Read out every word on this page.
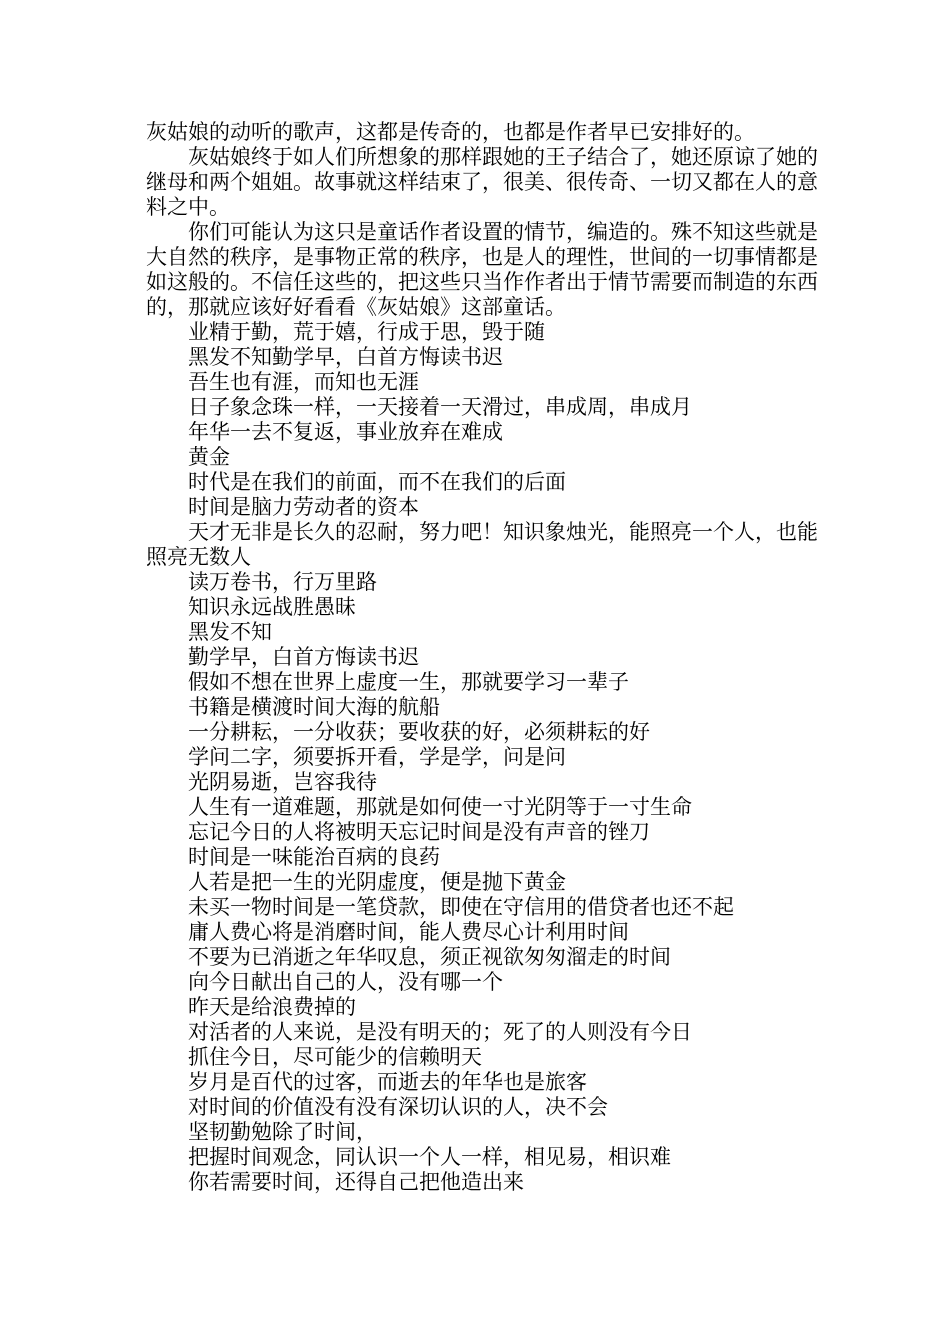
灰姑娘的动听的歌声，这都是传奇的，也都是作者早已安排好的。

灰姑娘终于如人们所想象的那样跟她的王子结合了，她还原谅了她的继母和两个姐姐。故事就这样结束了，很美、很传奇、一切又都在人的意料之中。

你们可能认为这只是童话作者设置的情节，编造的。殊不知这些就是大自然的秩序，是事物正常的秩序，也是人的理性，世间的一切事情都是如这般的。不信任这些的，把这些只当作作者出于情节需要而制造的东西的，那就应该好好看看《灰姑娘》这部童话。

业精于勤，荒于嬉，行成于思，毁于随

黑发不知勤学早，白首方悔读书迟

吾生也有涯，而知也无涯

日子象念珠一样，一天接着一天滑过，串成周，串成月

年华一去不复返，事业放弃在难成

黄金

时代是在我们的前面，而不在我们的后面

时间是脑力劳动者的资本

天才无非是长久的忍耐，努力吧！知识象烛光，能照亮一个人，也能照亮无数人

读万卷书，行万里路

知识永远战胜愚昧

黑发不知

勤学早，白首方悔读书迟

假如不想在世界上虚度一生，那就要学习一辈子

书籍是横渡时间大海的航船

一分耕耘，一分收获；要收获的好，必须耕耘的好

学问二字，须要拆开看，学是学，问是问

光阴易逝，岂容我待

人生有一道难题，那就是如何使一寸光阴等于一寸生命

忘记今日的人将被明天忘记时间是没有声音的锉刀

时间是一味能治百病的良药

人若是把一生的光阴虚度，便是抛下黄金

未买一物时间是一笔贷款，即使在守信用的借贷者也还不起

庸人费心将是消磨时间，能人费尽心计利用时间

不要为已消逝之年华叹息，须正视欲匆匆溜走的时间

向今日献出自己的人，没有哪一个

昨天是给浪费掉的

对活者的人来说，是没有明天的；死了的人则没有今日

抓住今日，尽可能少的信赖明天

岁月是百代的过客，而逝去的年华也是旅客

对时间的价值没有没有深切认识的人，决不会

坚韧勤勉除了时间，

把握时间观念，同认识一个人一样，相见易，相识难

你若需要时间，还得自己把他造出来
